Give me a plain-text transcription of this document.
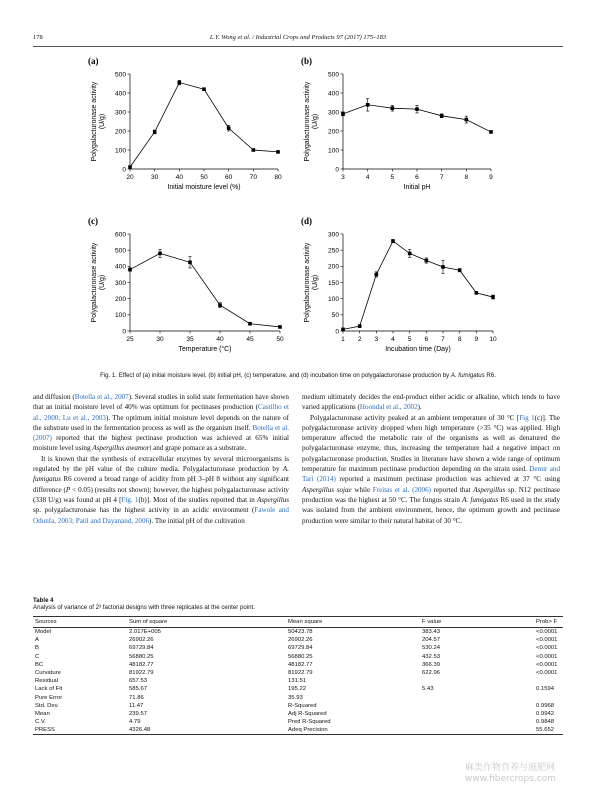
178	L.Y. Wong et al. / Industrial Crops and Products 97 (2017) 175–183
(a)
0
100
200
300
400
500
20	30	40	50	60	70	80
Initial moisture level (%)
Polygalacturonase activity(U/g)
(b)
0
100
200
300
400
500
3	4	5	6	7	8	9
Initial pH
Polygalacturonase activity(U/g)
(c)
0
100
200
300
400
500
600
25	30	35	40	45	50
Temperature (°C)
Polygalacturonase activity(U/g)
(d)
0
50
100
150
200
250
300
1 2 3 4 5 6 7 8 9 10
Incubation time (Day)
Polygalacturonase activity(U/g)
Fig. 1. Effect of (a) initial moisture level, (b) initial pH, (c) temperature, and (d) incubation time on polygalacturonase production by A. fumigatus R6.

and diffusion (Botella et al., 2007). Several studies in solid state fermentation have shown that an initial moisture level of 40% was optimum for pectinases production (Castilho et al., 2000; Lu et al., 2003). The optimum initial moisture level depends on the nature of the substrate used in the fermentation process as well as the organism itself. Botella et al. (2007) reported that the highest pectinase production was achieved at 65% initial moisture level using Aspergillus awamori and grape pomace as a substrate.

It is known that the synthesis of extracellular enzymes by several microorganisms is regulated by the pH value of the culture media. Polygalacturonase production by A. fumigatus R6 covered a broad range of acidity from pH 3–pH 8 without any significant difference (P < 0.05) (results not shown); however, the highest polygalacturonase activity (338 U/g) was found at pH 4 [Fig. 1(b)]. Most of the studies reported that in Aspergillus sp. polygalacturonase has the highest activity in an acidic environment (Fawole and Odunfa, 2003; Patil and Dayanand, 2006). The initial pH of the cultivation

medium ultimately decides the end-product either acidic or alkaline, which tends to have varied applications (Hoondal et al., 2002).

Polygalacturonase activity peaked at an ambient temperature of 30 °C [Fig 1(c)]. The polygalacturonase activity dropped when high temperature (>35 °C) was applied. High temperature affected the metabolic rate of the organisms as well as denatured the polygalacturonase enzyme, thus, increasing the temperature had a negative impact on polygalacturonase production. Studies in literature have shown a wide range of optimum temperature for maximum pectinase production depending on the strain used. Demir and Tari (2014) reported a maximum pectinase production was achieved at 37 °C using Aspergillus sojae while Freitas et al. (2006) reported that Aspergillus sp. N12 pectinase production was the highest at 50 °C. The fungus strain A. fumigatus R6 used in the study was isolated from the ambient environment, hence, the optimum growth and pectinase production were similar to their natural habitat of 30 °C.

Table 4
Analysis of variance of 2³ factorial designs with three replicates at the center point.
Sources	Sum of square	Mean square	F value	Prob> F
Model	2.017E+005	50423.78	383.43	<0.0001
A	26902.26	26902.26	204.57	<0.0001
B	69729.84	69729.84	530.24	<0.0001
C	56880.25	56880.25	432.53	<0.0001
BC	48182.77	48182.77	366.39	<0.0001
Curvature	81922.79	81922.79	622.96	<0.0001
Residual	657.53	131.51		
Lack of Fit	585.67	195.22	5.43	0.1594
Pure Error	71.86	35.93		
Std. Dev.	11.47	R-Squared		0.9968
Mean	239.57	Adj R-Squared		0.9942
C.V.	4.79	Pred R-Squared		0.9848
PRESS	4326.48	Adeq Precision		55.652
麻类作物营养与施肥网
www.fibercrops.com
